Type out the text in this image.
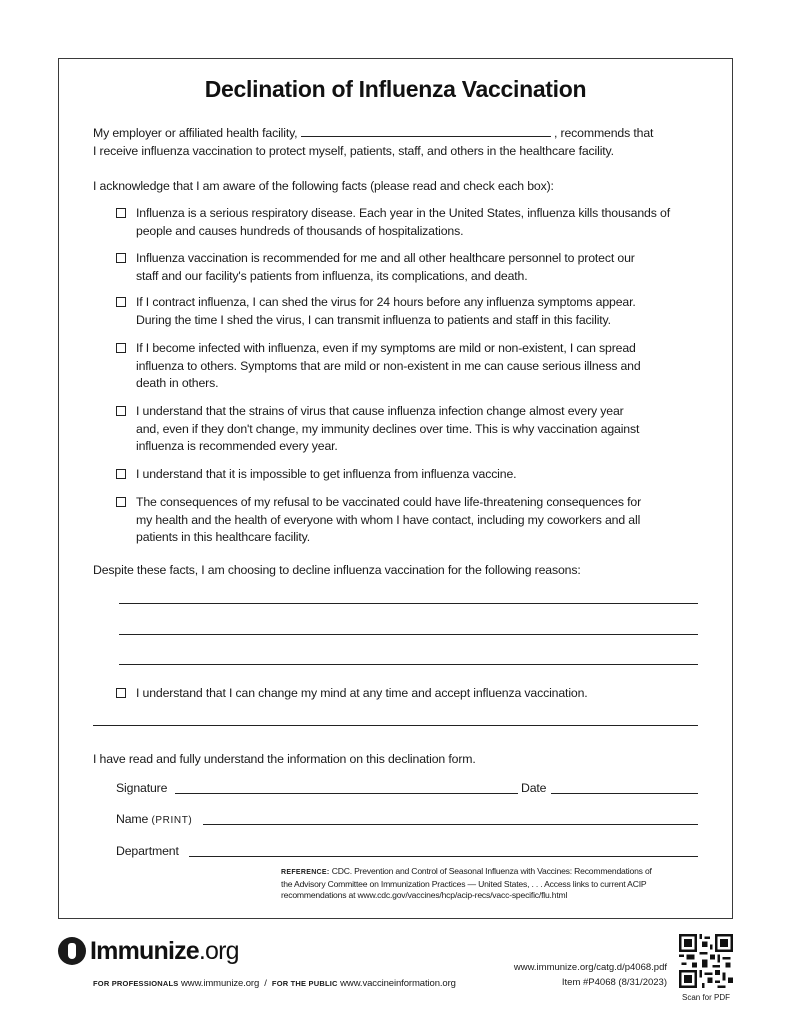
Declination of Influenza Vaccination
My employer or affiliated health facility,	, recommends that
I receive influenza vaccination to protect myself, patients, staff, and others in the healthcare facility.
I acknowledge that I am aware of the following facts (please read and check each box):
Influenza is a serious respiratory disease. Each year in the United States, influenza kills thousands of
people and causes hundreds of thousands of hospitalizations.
Influenza vaccination is recommended for me and all other healthcare personnel to protect our
staff and our facility's patients from influenza, its complications, and death.
If I contract influenza, I can shed the virus for 24 hours before any influenza symptoms appear.
During the time I shed the virus, I can transmit influenza to patients and staff in this facility.
If I become infected with influenza, even if my symptoms are mild or non-existent, I can spread
influenza to others. Symptoms that are mild or non-existent in me can cause serious illness and
death in others.
I understand that the strains of virus that cause influenza infection change almost every year
and, even if they don't change, my immunity declines over time. This is why vaccination against
influenza is recommended every year.
I understand that it is impossible to get influenza from influenza vaccine.
The consequences of my refusal to be vaccinated could have life-threatening consequences for
my health and the health of everyone with whom I have contact, including my coworkers and all
patients in this healthcare facility.
Despite these facts, I am choosing to decline influenza vaccination for the following reasons:
I understand that I can change my mind at any time and accept influenza vaccination.
I have read and fully understand the information on this declination form.
Signature	Date
Name (PRINT)
Department
REFERENCE: CDC. Prevention and Control of Seasonal Influenza with Vaccines: Recommendations of
the Advisory Committee on Immunization Practices — United States, . . . Access links to current ACIP
recommendations at www.cdc.gov/vaccines/hcp/acip-recs/vacc-specific/flu.html
Immunize.org
FOR PROFESSIONALS www.immunize.org / FOR THE PUBLIC www.vaccineinformation.org
www.immunize.org/catg.d/p4068.pdf
Item #P4068 (8/31/2023)
Scan for PDF
